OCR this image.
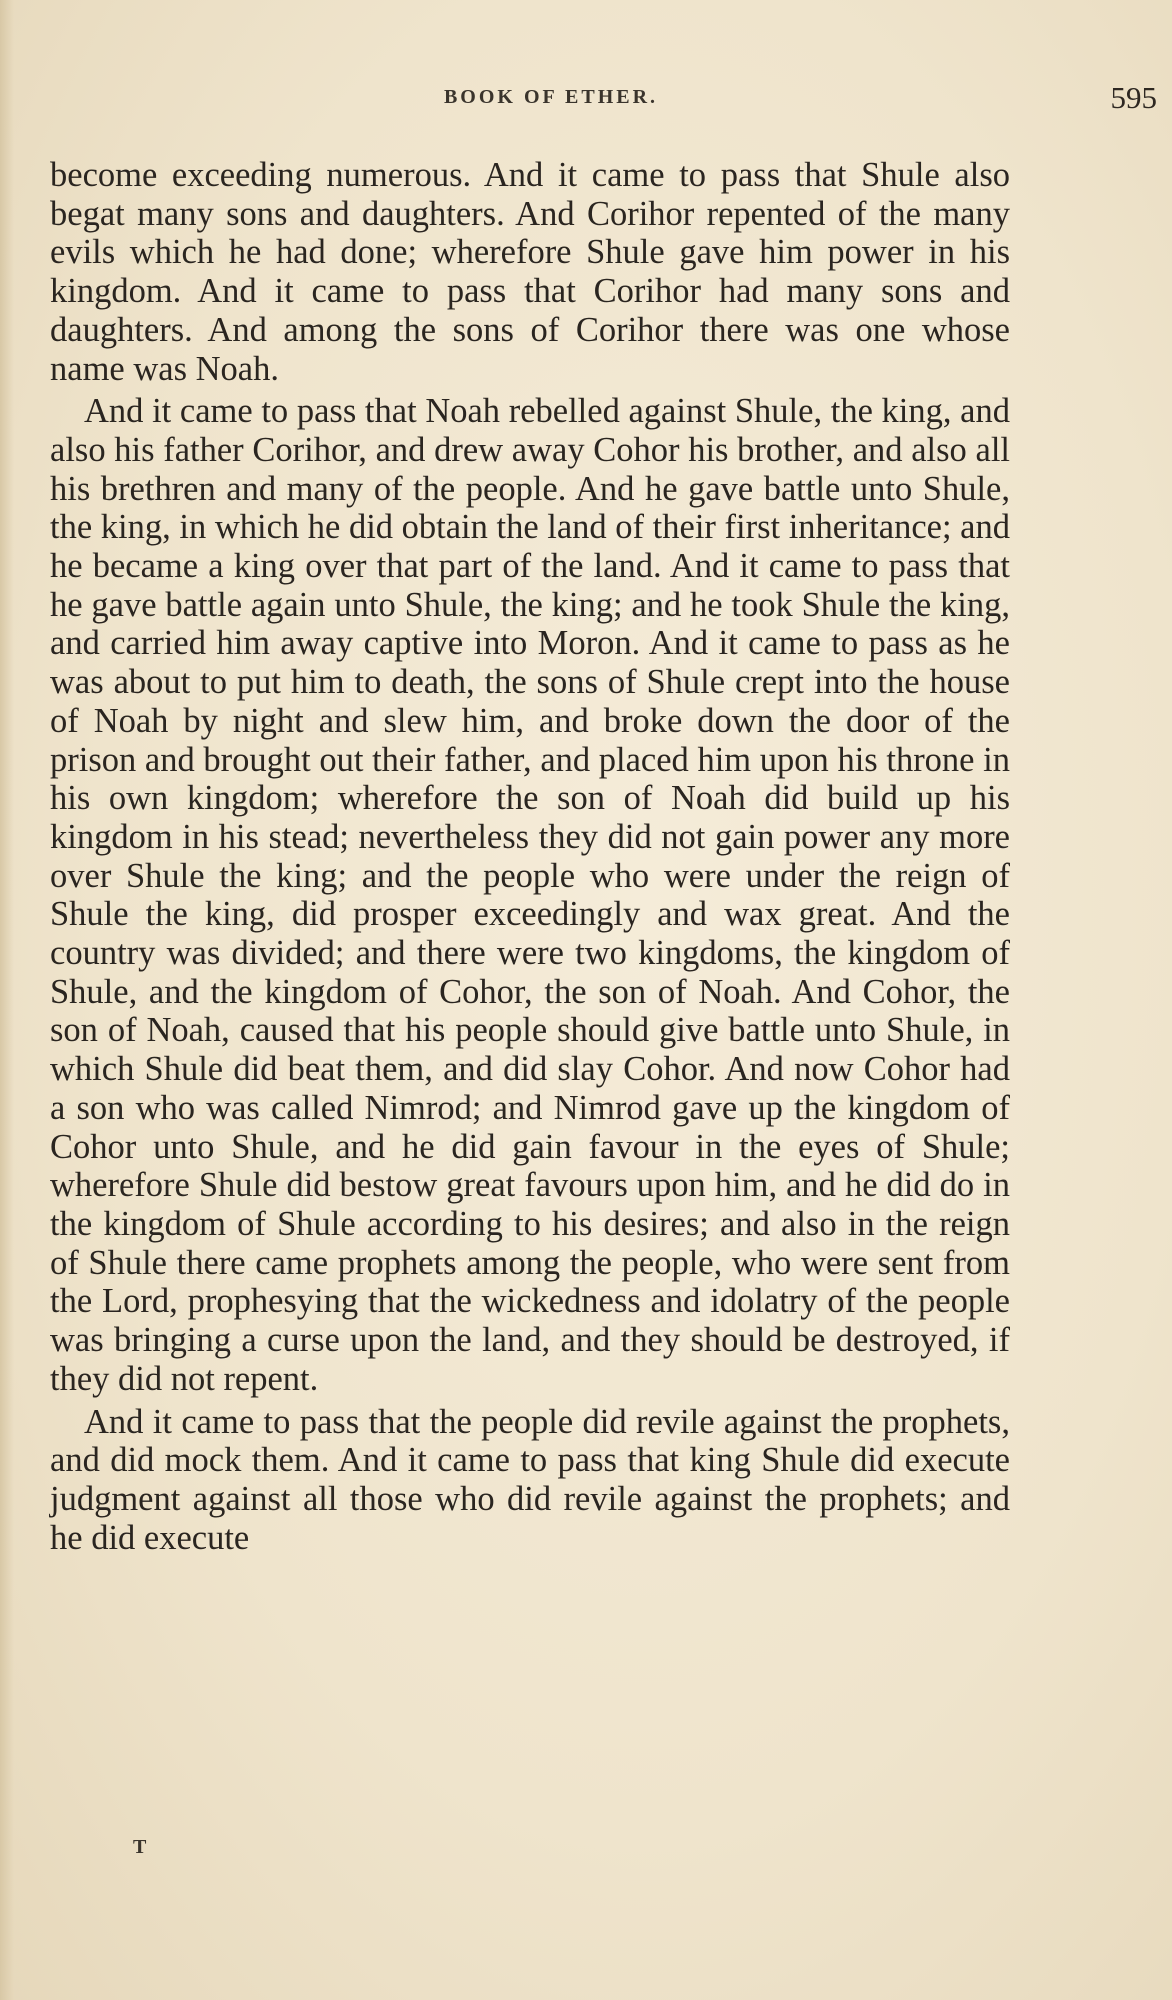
BOOK OF ETHER.	595

become exceeding numerous. And it came to pass that Shule also begat many sons and daughters. And Corihor repented of the many evils which he had done; wherefore Shule gave him power in his kingdom. And it came to pass that Corihor had many sons and daughters. And among the sons of Corihor there was one whose name was Noah.

And it came to pass that Noah rebelled against Shule, the king, and also his father Corihor, and drew away Cohor his brother, and also all his brethren and many of the people. And he gave battle unto Shule, the king, in which he did obtain the land of their first inheritance; and he became a king over that part of the land. And it came to pass that he gave battle again unto Shule, the king; and he took Shule the king, and carried him away captive into Moron. And it came to pass as he was about to put him to death, the sons of Shule crept into the house of Noah by night and slew him, and broke down the door of the prison and brought out their father, and placed him upon his throne in his own kingdom; wherefore the son of Noah did build up his kingdom in his stead; nevertheless they did not gain power any more over Shule the king; and the people who were under the reign of Shule the king, did prosper exceedingly and wax great. And the country was divided; and there were two kingdoms, the kingdom of Shule, and the kingdom of Cohor, the son of Noah. And Cohor, the son of Noah, caused that his people should give battle unto Shule, in which Shule did beat them, and did slay Cohor. And now Cohor had a son who was called Nimrod; and Nimrod gave up the kingdom of Cohor unto Shule, and he did gain favour in the eyes of Shule; wherefore Shule did bestow great favours upon him, and he did do in the kingdom of Shule according to his desires; and also in the reign of Shule there came prophets among the people, who were sent from the Lord, prophesying that the wickedness and idolatry of the people was bringing a curse upon the land, and they should be destroyed, if they did not repent.

And it came to pass that the people did revile against the prophets, and did mock them. And it came to pass that king Shule did execute judgment against all those who did revile against the prophets; and he did execute

T
